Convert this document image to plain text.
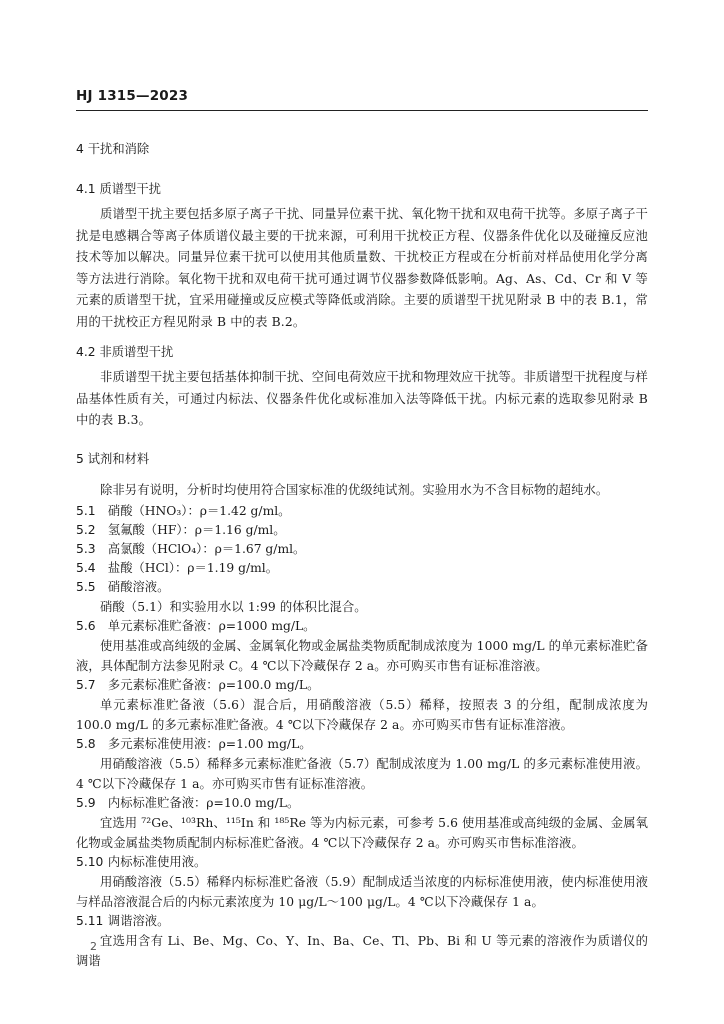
HJ 1315—2023
4 干扰和消除
4.1 质谱型干扰

质谱型干扰主要包括多原子离子干扰、同量异位素干扰、氧化物干扰和双电荷干扰等。多原子离子干扰是电感耦合等离子体质谱仪最主要的干扰来源，可利用干扰校正方程、仪器条件优化以及碰撞反应池技术等加以解决。同量异位素干扰可以使用其他质量数、干扰校正方程或在分析前对样品使用化学分离等方法进行消除。氧化物干扰和双电荷干扰可通过调节仪器参数降低影响。Ag、As、Cd、Cr 和 V 等元素的质谱型干扰，宜采用碰撞或反应模式等降低或消除。主要的质谱型干扰见附录 B 中的表 B.1，常用的干扰校正方程见附录 B 中的表 B.2。

4.2 非质谱型干扰

非质谱型干扰主要包括基体抑制干扰、空间电荷效应干扰和物理效应干扰等。非质谱型干扰程度与样品基体性质有关，可通过内标法、仪器条件优化或标准加入法等降低干扰。内标元素的选取参见附录 B 中的表 B.3。

5 试剂和材料

除非另有说明，分析时均使用符合国家标准的优级纯试剂。实验用水为不含目标物的超纯水。

5.1 硝酸（HNO₃）：ρ＝1.42 g/ml。
5.2 氢氟酸（HF）：ρ＝1.16 g/ml。
5.3 高氯酸（HClO₄）：ρ＝1.67 g/ml。
5.4 盐酸（HCl）：ρ＝1.19 g/ml。
5.5 硝酸溶液。

硝酸（5.1）和实验用水以 1:99 的体积比混合。

5.6 单元素标准贮备液：ρ=1000 mg/L。

使用基准或高纯级的金属、金属氧化物或金属盐类物质配制成浓度为 1000 mg/L 的单元素标准贮备液，具体配制方法参见附录 C。4 ℃以下冷藏保存 2 a。亦可购买市售有证标准溶液。

5.7 多元素标准贮备液：ρ=100.0 mg/L。

单元素标准贮备液（5.6）混合后，用硝酸溶液（5.5）稀释，按照表 3 的分组，配制成浓度为 100.0 mg/L 的多元素标准贮备液。4 ℃以下冷藏保存 2 a。亦可购买市售有证标准溶液。

5.8 多元素标准使用液：ρ=1.00 mg/L。

用硝酸溶液（5.5）稀释多元素标准贮备液（5.7）配制成浓度为 1.00 mg/L 的多元素标准使用液。4 ℃以下冷藏保存 1 a。亦可购买市售有证标准溶液。

5.9 内标标准贮备液：ρ=10.0 mg/L。

宜选用 ⁷²Ge、¹⁰³Rh、¹¹⁵In 和 ¹⁸⁵Re 等为内标元素，可参考 5.6 使用基准或高纯级的金属、金属氧化物或金属盐类物质配制内标标准贮备液。4 ℃以下冷藏保存 2 a。亦可购买市售标准溶液。

5.10 内标标准使用液。

用硝酸溶液（5.5）稀释内标标准贮备液（5.9）配制成适当浓度的内标标准使用液，使内标准使用液与样品溶液混合后的内标元素浓度为 10 μg/L～100 μg/L。4 ℃以下冷藏保存 1 a。

5.11 调谐溶液。

宜选用含有 Li、Be、Mg、Co、Y、In、Ba、Ce、Tl、Pb、Bi 和 U 等元素的溶液作为质谱仪的调谐

2
